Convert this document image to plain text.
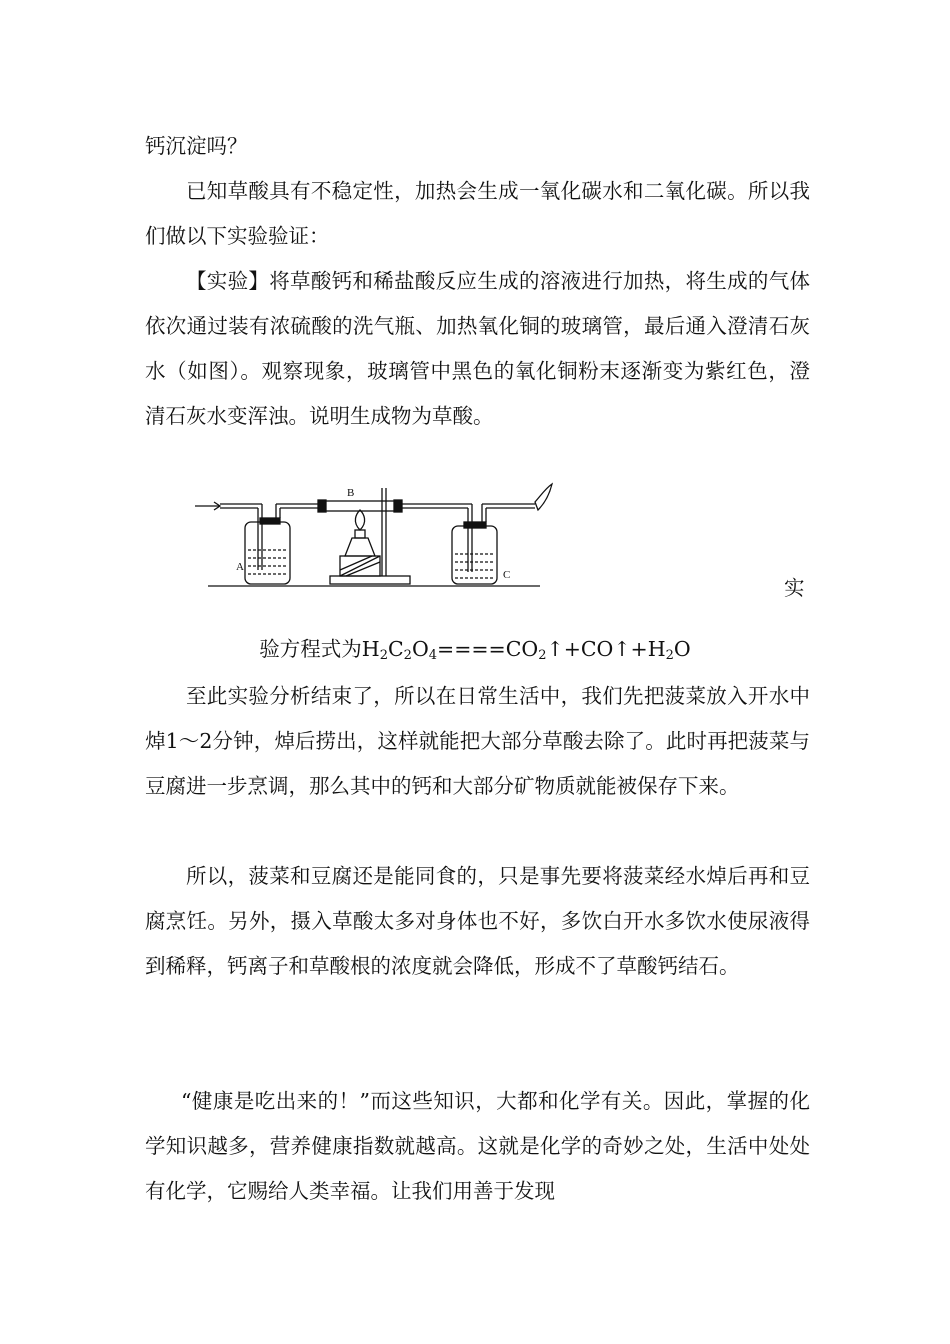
钙沉淀吗？

已知草酸具有不稳定性，加热会生成一氧化碳水和二氧化碳。所以我们做以下实验验证：

【实验】将草酸钙和稀盐酸反应生成的溶液进行加热，将生成的气体依次通过装有浓硫酸的洗气瓶、加热氧化铜的玻璃管，最后通入澄清石灰水（如图）。观察现象，玻璃管中黑色的氧化铜粉末逐渐变为紫红色，澄清石灰水变浑浊。说明生成物为草酸。

A
B
C
实
验方程式为$H_2C_2O_4====CO_2↑+CO↑+H_2O$

至此实验分析结束了，所以在日常生活中，我们先把菠菜放入开水中焯1～2分钟，焯后捞出，这样就能把大部分草酸去除了。此时再把菠菜与豆腐进一步烹调，那么其中的钙和大部分矿物质就能被保存下来。

所以，菠菜和豆腐还是能同食的，只是事先要将菠菜经水焯后再和豆腐烹饪。另外，摄入草酸太多对身体也不好，多饮白开水多饮水使尿液得到稀释，钙离子和草酸根的浓度就会降低，形成不了草酸钙结石。

“健康是吃出来的！”而这些知识，大都和化学有关。因此，掌握的化学知识越多，营养健康指数就越高。这就是化学的奇妙之处，生活中处处有化学，它赐给人类幸福。让我们用善于发现
